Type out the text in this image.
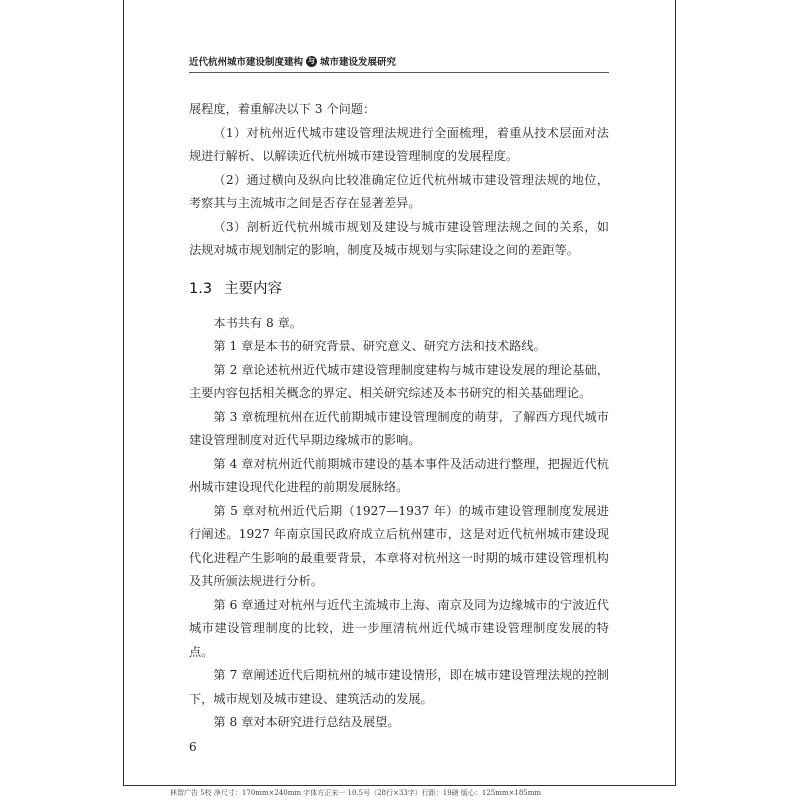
近代杭州城市建设制度建构 与 城市建设发展研究

展程度，着重解决以下 3 个问题：

（1）对杭州近代城市建设管理法规进行全面梳理，着重从技术层面对法规进行解析、以解读近代杭州城市建设管理制度的发展程度。

（2）通过横向及纵向比较准确定位近代杭州城市建设管理法规的地位，考察其与主流城市之间是否存在显著差异。

（3）剖析近代杭州城市规划及建设与城市建设管理法规之间的关系，如法规对城市规划制定的影响，制度及城市规划与实际建设之间的差距等。

1.3 主要内容

本书共有 8 章。

第 1 章是本书的研究背景、研究意义、研究方法和技术路线。

第 2 章论述杭州近代城市建设管理制度建构与城市建设发展的理论基础，主要内容包括相关概念的界定、相关研究综述及本书研究的相关基础理论。

第 3 章梳理杭州在近代前期城市建设管理制度的萌芽，了解西方现代城市建设管理制度对近代早期边缘城市的影响。

第 4 章对杭州近代前期城市建设的基本事件及活动进行整理，把握近代杭州城市建设现代化进程的前期发展脉络。

第 5 章对杭州近代后期（1927—1937 年）的城市建设管理制度发展进行阐述。1927 年南京国民政府成立后杭州建市，这是对近代杭州城市建设现代化进程产生影响的最重要背景，本章将对杭州这一时期的城市建设管理机构及其所颁法规进行分析。

第 6 章通过对杭州与近代主流城市上海、南京及同为边缘城市的宁波近代城市建设管理制度的比较，进一步厘清杭州近代城市建设管理制度发展的特点。

第 7 章阐述近代后期杭州的城市建设情形，即在城市建设管理法规的控制下，城市规划及城市建设、建筑活动的发展。

第 8 章对本研究进行总结及展望。

6
林智广告 5校 净尺寸：170mm×240mm 字体方正宋一 10.5号（28行×33字）行距：19磅 版心：125mm×185mm
